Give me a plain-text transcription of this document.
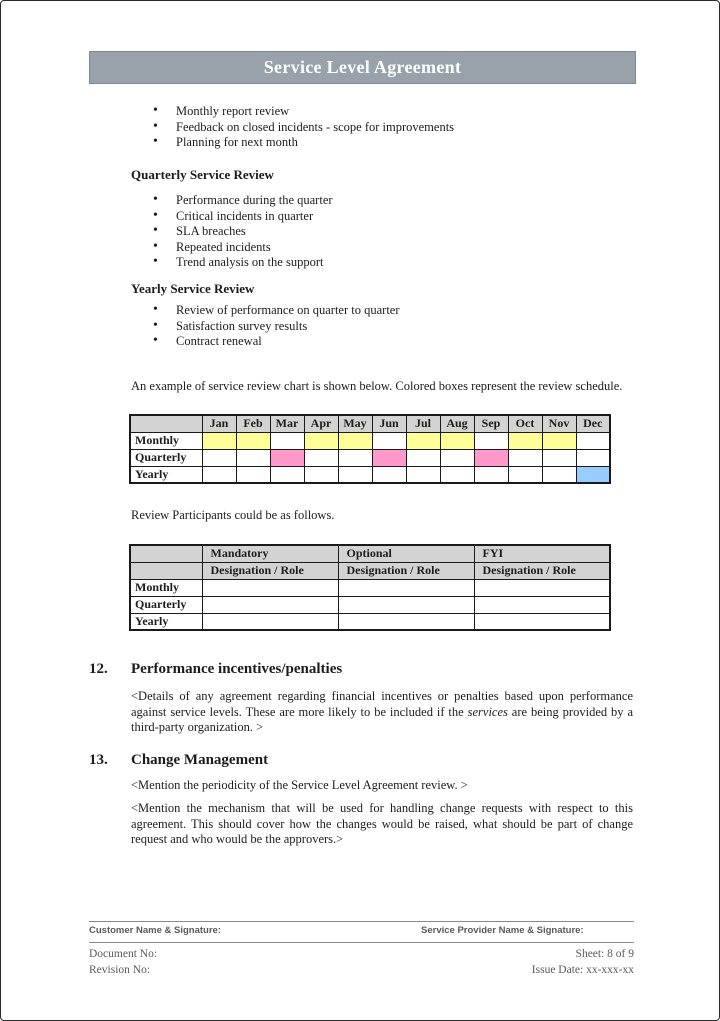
Service Level Agreement
• Monthly report review
• Feedback on closed incidents - scope for improvements
• Planning for next month
Quarterly Service Review
• Performance during the quarter
• Critical incidents in quarter
• SLA breaches
• Repeated incidents
• Trend analysis on the support
Yearly Service Review
• Review of performance on quarter to quarter
• Satisfaction survey results
• Contract renewal
An example of service review chart is shown below. Colored boxes represent the review schedule.
	Jan	Feb	Mar	Apr	May	Jun	Jul	Aug	Sep	Oct	Nov	Dec
Monthly												
Quarterly												
Yearly												
Review Participants could be as follows.
	Mandatory	Optional	FYI
	Designation / Role	Designation / Role	Designation / Role
Monthly			
Quarterly			
Yearly			
12.	Performance incentives/penalties
<Details of any agreement regarding financial incentives or penalties based upon performance against service levels. These are more likely to be included if the services are being provided by a third-party organization. >
13.	Change Management
<Mention the periodicity of the Service Level Agreement review. >
<Mention the mechanism that will be used for handling change requests with respect to this agreement. This should cover how the changes would be raised, what should be part of change request and who would be the approvers.>
Customer Name & Signature:	Service Provider Name & Signature:
Document No:
Revision No:
Sheet: 8 of 9
Issue Date: xx-xxx-xx
